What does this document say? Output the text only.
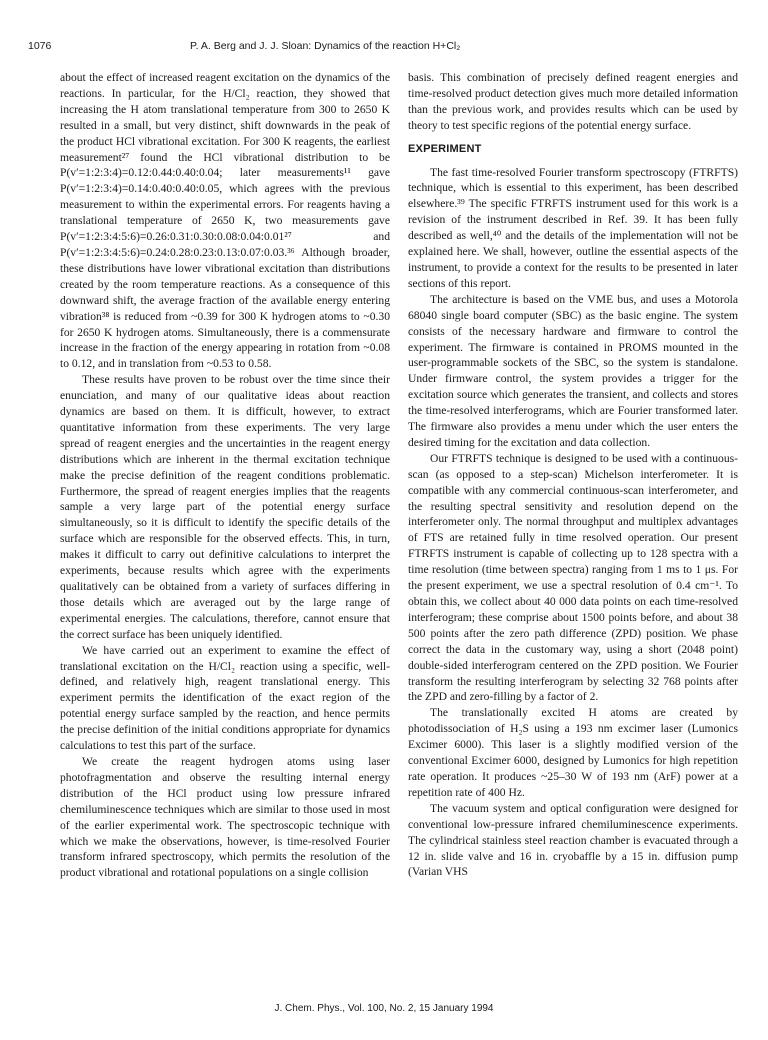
1076	P. A. Berg and J. J. Sloan: Dynamics of the reaction H+Cl₂

about the effect of increased reagent excitation on the dynamics of the reactions. In particular, for the H/Cl₂ reaction, they showed that increasing the H atom translational temperature from 300 to 2650 K resulted in a small, but very distinct, shift downwards in the peak of the product HCl vibrational excitation. For 300 K reagents, the earliest measurement²⁷ found the HCl vibrational distribution to be P(v′=1:2:3:4)=0.12:0.44:0.40:0.04; later measurements¹¹ gave P(v′=1:2:3:4)=0.14:0.40:0.40:0.05, which agrees with the previous measurement to within the experimental errors. For reagents having a translational temperature of 2650 K, two measurements gave P(v′=1:2:3:4:5:6)=0.26:0.31:0.30:0.08:0.04:0.01²⁷ and P(v′=1:2:3:4:5:6)=0.24:0.28:0.23:0.13:0.07:0.03.³⁶ Although broader, these distributions have lower vibrational excitation than distributions created by the room temperature reactions. As a consequence of this downward shift, the average fraction of the available energy entering vibration³⁸ is reduced from ~0.39 for 300 K hydrogen atoms to ~0.30 for 2650 K hydrogen atoms. Simultaneously, there is a commensurate increase in the fraction of the energy appearing in rotation from ~0.08 to 0.12, and in translation from ~0.53 to 0.58.

These results have proven to be robust over the time since their enunciation, and many of our qualitative ideas about reaction dynamics are based on them. It is difficult, however, to extract quantitative information from these experiments. The very large spread of reagent energies and the uncertainties in the reagent energy distributions which are inherent in the thermal excitation technique make the precise definition of the reagent conditions problematic. Furthermore, the spread of reagent energies implies that the reagents sample a very large part of the potential energy surface simultaneously, so it is difficult to identify the specific details of the surface which are responsible for the observed effects. This, in turn, makes it difficult to carry out definitive calculations to interpret the experiments, because results which agree with the experiments qualitatively can be obtained from a variety of surfaces differing in those details which are averaged out by the large range of experimental energies. The calculations, therefore, cannot ensure that the correct surface has been uniquely identified.

We have carried out an experiment to examine the effect of translational excitation on the H/Cl₂ reaction using a specific, well-defined, and relatively high, reagent translational energy. This experiment permits the identification of the exact region of the potential energy surface sampled by the reaction, and hence permits the precise definition of the initial conditions appropriate for dynamics calculations to test this part of the surface.

We create the reagent hydrogen atoms using laser photofragmentation and observe the resulting internal energy distribution of the HCl product using low pressure infrared chemiluminescence techniques which are similar to those used in most of the earlier experimental work. The spectroscopic technique with which we make the observations, however, is time-resolved Fourier transform infrared spectroscopy, which permits the resolution of the product vibrational and rotational populations on a single collision

basis. This combination of precisely defined reagent energies and time-resolved product detection gives much more detailed information than the previous work, and provides results which can be used by theory to test specific regions of the potential energy surface.

EXPERIMENT

The fast time-resolved Fourier transform spectroscopy (FTRFTS) technique, which is essential to this experiment, has been described elsewhere.³⁹ The specific FTRFTS instrument used for this work is a revision of the instrument described in Ref. 39. It has been fully described as well,⁴⁰ and the details of the implementation will not be explained here. We shall, however, outline the essential aspects of the instrument, to provide a context for the results to be presented in later sections of this report.

The architecture is based on the VME bus, and uses a Motorola 68040 single board computer (SBC) as the basic engine. The system consists of the necessary hardware and firmware to control the experiment. The firmware is contained in PROMS mounted in the user-programmable sockets of the SBC, so the system is standalone. Under firmware control, the system provides a trigger for the excitation source which generates the transient, and collects and stores the time-resolved interferograms, which are Fourier transformed later. The firmware also provides a menu under which the user enters the desired timing for the excitation and data collection.

Our FTRFTS technique is designed to be used with a continuous-scan (as opposed to a step-scan) Michelson interferometer. It is compatible with any commercial continuous-scan interferometer, and the resulting spectral sensitivity and resolution depend on the interferometer only. The normal throughput and multiplex advantages of FTS are retained fully in time resolved operation. Our present FTRFTS instrument is capable of collecting up to 128 spectra with a time resolution (time between spectra) ranging from 1 ms to 1 μs. For the present experiment, we use a spectral resolution of 0.4 cm⁻¹. To obtain this, we collect about 40 000 data points on each time-resolved interferogram; these comprise about 1500 points before, and about 38 500 points after the zero path difference (ZPD) position. We phase correct the data in the customary way, using a short (2048 point) double-sided interferogram centered on the ZPD position. We Fourier transform the resulting interferogram by selecting 32 768 points after the ZPD and zero-filling by a factor of 2.

The translationally excited H atoms are created by photodissociation of H₂S using a 193 nm excimer laser (Lumonics Excimer 6000). This laser is a slightly modified version of the conventional Excimer 6000, designed by Lumonics for high repetition rate operation. It produces ~25–30 W of 193 nm (ArF) power at a repetition rate of 400 Hz.

The vacuum system and optical configuration were designed for conventional low-pressure infrared chemiluminescence experiments. The cylindrical stainless steel reaction chamber is evacuated through a 12 in. slide valve and 16 in. cryobaffle by a 15 in. diffusion pump (Varian VHS

J. Chem. Phys., Vol. 100, No. 2, 15 January 1994
